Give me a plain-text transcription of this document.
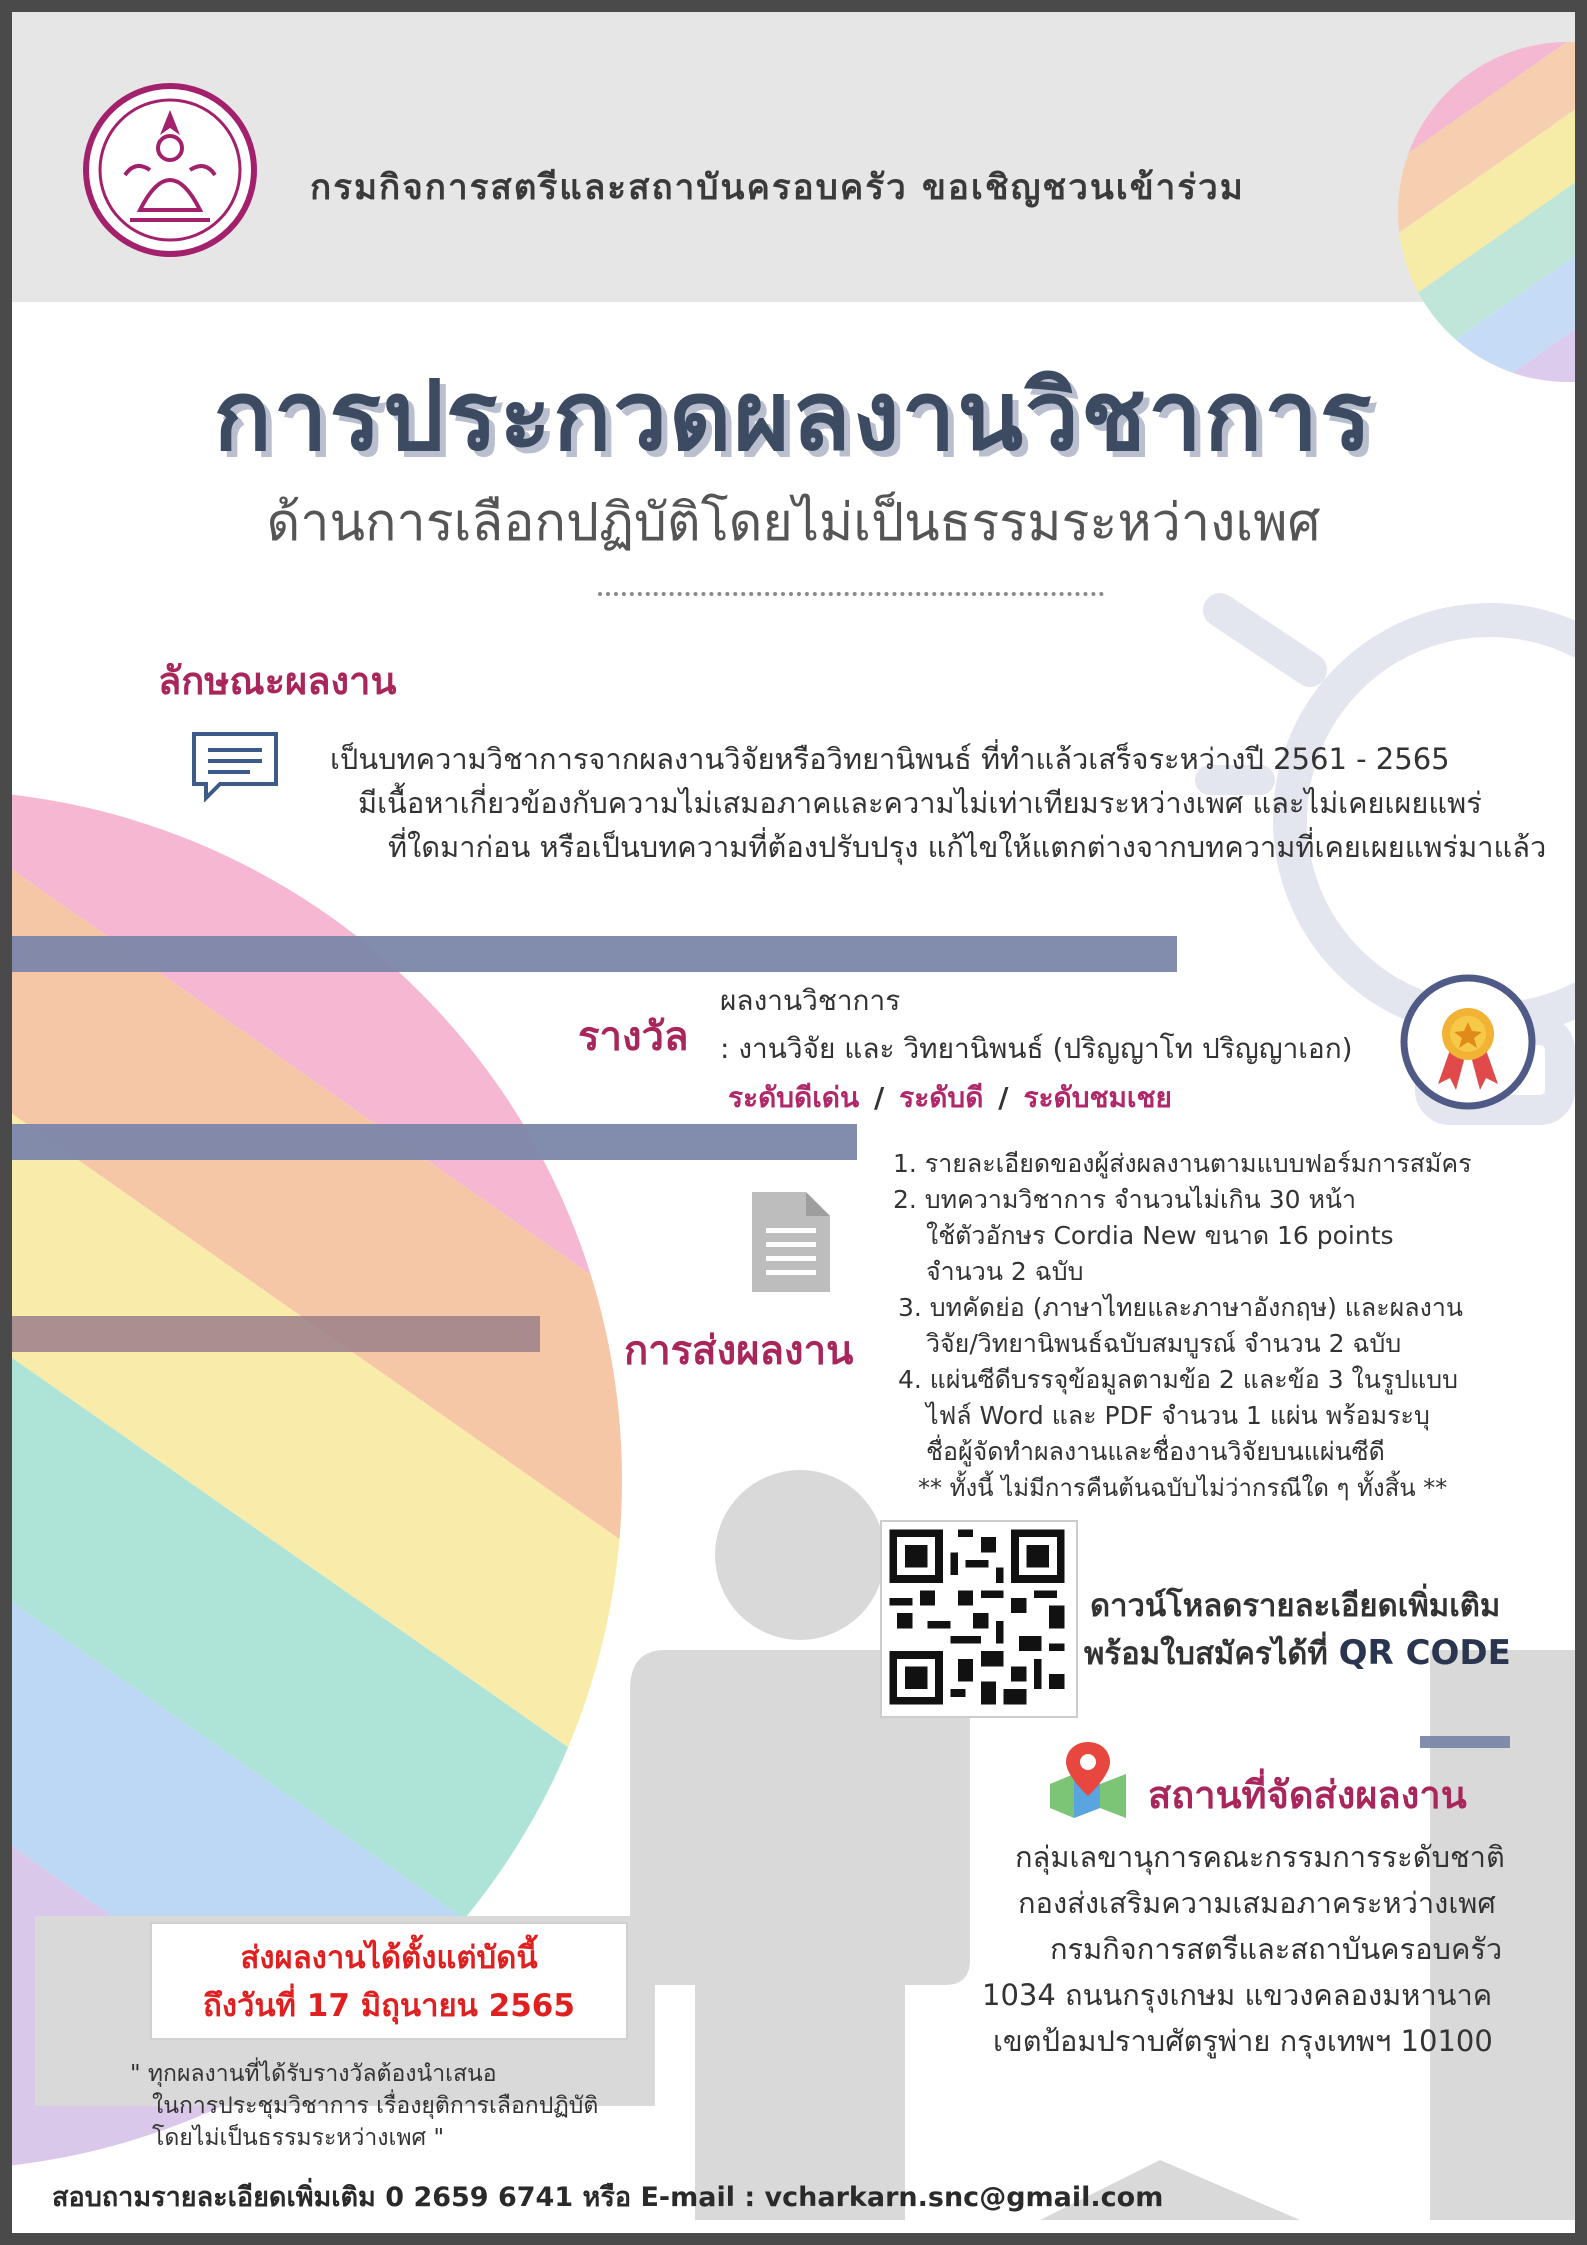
กรมกิจการสตรีและสถาบันครอบครัว ขอเชิญชวนเข้าร่วม
การประกวดผลงานวิชาการ
ด้านการเลือกปฏิบัติโดยไม่เป็นธรรมระหว่างเพศ
ลักษณะผลงาน
เป็นบทความวิชาการจากผลงานวิจัยหรือวิทยานิพนธ์ ที่ทำแล้วเสร็จระหว่างปี 2561 - 2565
มีเนื้อหาเกี่ยวข้องกับความไม่เสมอภาคและความไม่เท่าเทียมระหว่างเพศ และไม่เคยเผยแพร่
ที่ใดมาก่อน หรือเป็นบทความที่ต้องปรับปรุง แก้ไขให้แตกต่างจากบทความที่เคยเผยแพร่มาแล้ว
รางวัล
ผลงานวิชาการ
: งานวิจัย และ วิทยานิพนธ์ (ปริญญาโท ปริญญาเอก)
ระดับดีเด่น / ระดับดี / ระดับชมเชย
การส่งผลงาน
1. รายละเอียดของผู้ส่งผลงานตามแบบฟอร์มการสมัคร
2. บทความวิชาการ จำนวนไม่เกิน 30 หน้า
ใช้ตัวอักษร Cordia New ขนาด 16 points
จำนวน 2 ฉบับ
3. บทคัดย่อ (ภาษาไทยและภาษาอังกฤษ) และผลงาน
วิจัย/วิทยานิพนธ์ฉบับสมบูรณ์ จำนวน 2 ฉบับ
4. แผ่นซีดีบรรจุข้อมูลตามข้อ 2 และข้อ 3 ในรูปแบบ
ไฟล์ Word และ PDF จำนวน 1 แผ่น พร้อมระบุ
ชื่อผู้จัดทำผลงานและชื่องานวิจัยบนแผ่นซีดี
** ทั้งนี้ ไม่มีการคืนต้นฉบับไม่ว่ากรณีใด ๆ ทั้งสิ้น **
ดาวน์โหลดรายละเอียดเพิ่มเติม
พร้อมใบสมัครได้ที่ QR CODE
สถานที่จัดส่งผลงาน
กลุ่มเลขานุการคณะกรรมการระดับชาติ
กองส่งเสริมความเสมอภาคระหว่างเพศ
กรมกิจการสตรีและสถาบันครอบครัว
1034 ถนนกรุงเกษม แขวงคลองมหานาค
เขตป้อมปราบศัตรูพ่าย กรุงเทพฯ 10100
ส่งผลงานได้ตั้งแต่บัดนี้
ถึงวันที่ 17 มิถุนายน 2565
" ทุกผลงานที่ได้รับรางวัลต้องนำเสนอ
ในการประชุมวิชาการ เรื่องยุติการเลือกปฏิบัติ
โดยไม่เป็นธรรมระหว่างเพศ "
สอบถามรายละเอียดเพิ่มเติม 0 2659 6741 หรือ E-mail : vcharkarn.snc@gmail.com
